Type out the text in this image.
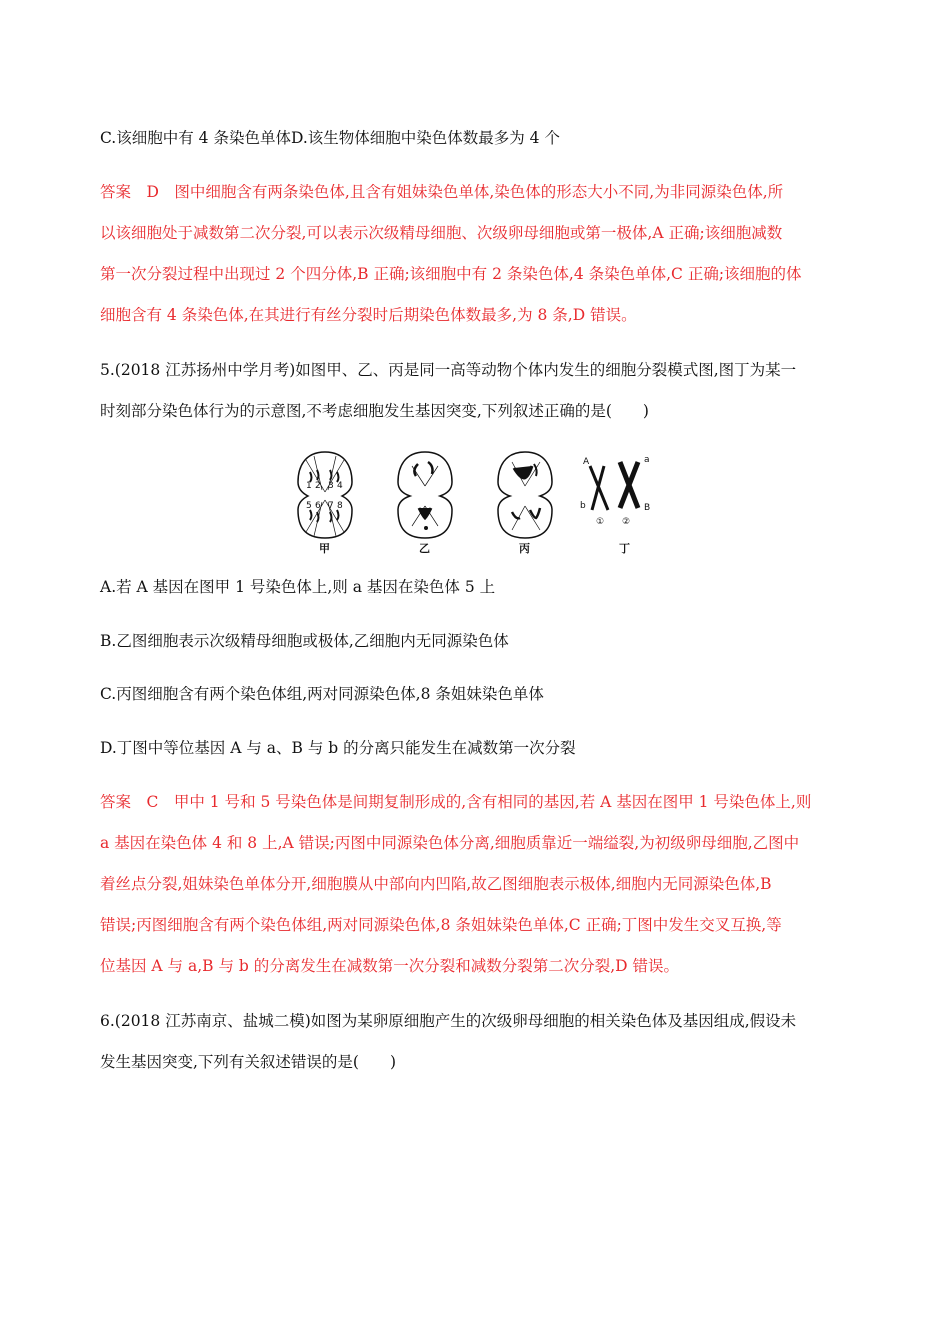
C.该细胞中有 4 条染色单体D.该生物体细胞中染色体数最多为 4 个
答案　D　图中细胞含有两条染色体,且含有姐妹染色单体,染色体的形态大小不同,为非同源染色体,所
以该细胞处于减数第二次分裂,可以表示次级精母细胞、次级卵母细胞或第一极体,A 正确;该细胞减数
第一次分裂过程中出现过 2 个四分体,B 正确;该细胞中有 2 条染色体,4 条染色单体,C 正确;该细胞的体
细胞含有 4 条染色体,在其进行有丝分裂时后期染色体数最多,为 8 条,D 错误。
5.(2018 江苏扬州中学月考)如图甲、乙、丙是同一高等动物个体内发生的细胞分裂模式图,图丁为某一
时刻部分染色体行为的示意图,不考虑细胞发生基因突变,下列叙述正确的是(　　)
1 2 3 4
5 6 7 8
甲	乙	丙
A	a
b	B
① ②
丁
A.若 A 基因在图甲 1 号染色体上,则 a 基因在染色体 5 上
B.乙图细胞表示次级精母细胞或极体,乙细胞内无同源染色体
C.丙图细胞含有两个染色体组,两对同源染色体,8 条姐妹染色单体
D.丁图中等位基因 A 与 a、B 与 b 的分离只能发生在减数第一次分裂
答案　C　甲中 1 号和 5 号染色体是间期复制形成的,含有相同的基因,若 A 基因在图甲 1 号染色体上,则
a 基因在染色体 4 和 8 上,A 错误;丙图中同源染色体分离,细胞质靠近一端缢裂,为初级卵母细胞,乙图中
着丝点分裂,姐妹染色单体分开,细胞膜从中部向内凹陷,故乙图细胞表示极体,细胞内无同源染色体,B
错误;丙图细胞含有两个染色体组,两对同源染色体,8 条姐妹染色单体,C 正确;丁图中发生交叉互换,等
位基因 A 与 a,B 与 b 的分离发生在减数第一次分裂和减数分裂第二次分裂,D 错误。
6.(2018 江苏南京、盐城二模)如图为某卵原细胞产生的次级卵母细胞的相关染色体及基因组成,假设未
发生基因突变,下列有关叙述错误的是(　　)
